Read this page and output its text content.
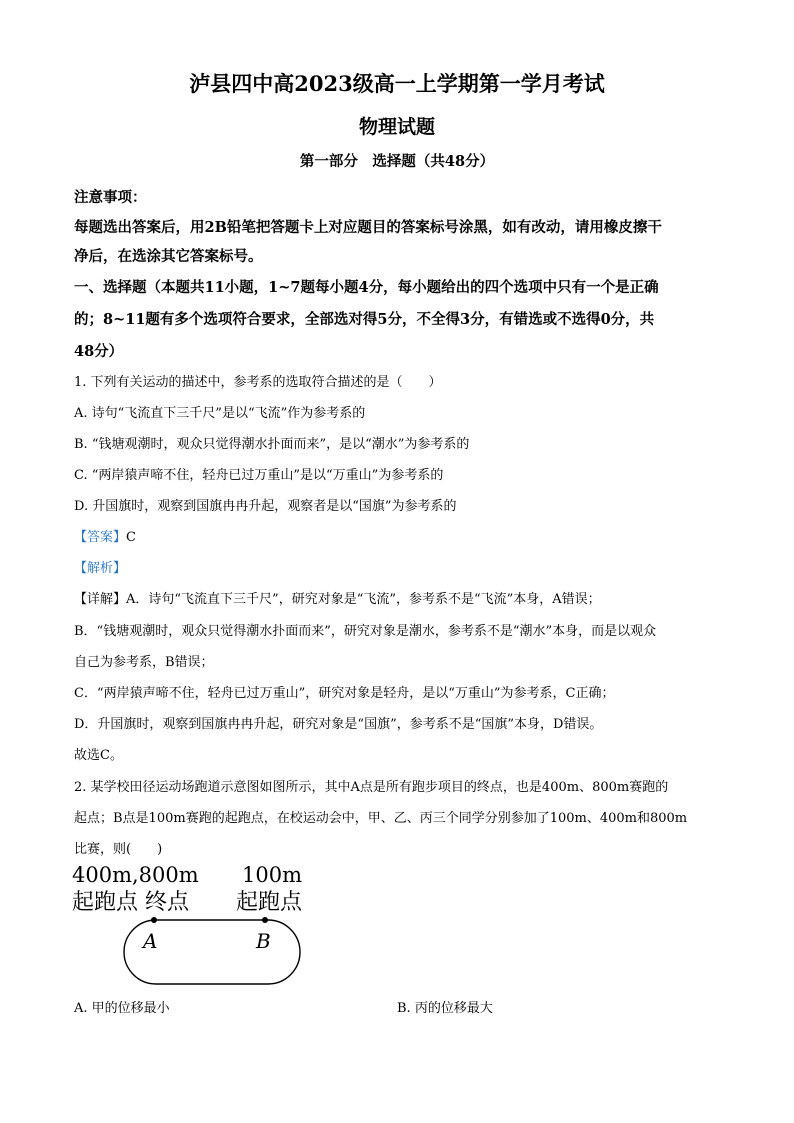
泸县四中高2023级高一上学期第一学月考试
物理试题
第一部分　选择题（共48分）
注意事项：
每题选出答案后，用2B铅笔把答题卡上对应题目的答案标号涂黑，如有改动，请用橡皮擦干
净后，在选涂其它答案标号。
一、选择题（本题共11小题，1~7题每小题4分，每小题给出的四个选项中只有一个是正确
的；8~11题有多个选项符合要求，全部选对得5分，不全得3分，有错选或不选得0分，共
48分）
1. 下列有关运动的描述中，参考系的选取符合描述的是（　　）
A. 诗句“飞流直下三千尺”是以“飞流”作为参考系的
B. “钱塘观潮时，观众只觉得潮水扑面而来”，是以“潮水”为参考系的
C. “两岸猿声啼不住，轻舟已过万重山”是以“万重山”为参考系的
D. 升国旗时，观察到国旗冉冉升起，观察者是以“国旗”为参考系的
【答案】C
【解析】
【详解】A．诗句“飞流直下三千尺”，研究对象是“飞流”，参考系不是“飞流”本身，A错误；
B．“钱塘观潮时，观众只觉得潮水扑面而来”，研究对象是潮水，参考系不是“潮水”本身，而是以观众
自己为参考系，B错误；
C．“两岸猿声啼不住，轻舟已过万重山”，研究对象是轻舟，是以“万重山”为参考系，C正确；
D．升国旗时，观察到国旗冉冉升起，研究对象是“国旗”，参考系不是“国旗”本身，D错误。
故选C。
2. 某学校田径运动场跑道示意图如图所示，其中A点是所有跑步项目的终点，也是400m、800m赛跑的
起点；B点是100m赛跑的起跑点，在校运动会中，甲、乙、丙三个同学分别参加了100m、400m和800m
比赛，则(　　)
400m,800m
起跑点 终点
100m
起跑点
A	B
A. 甲的位移最小	B. 丙的位移最大
